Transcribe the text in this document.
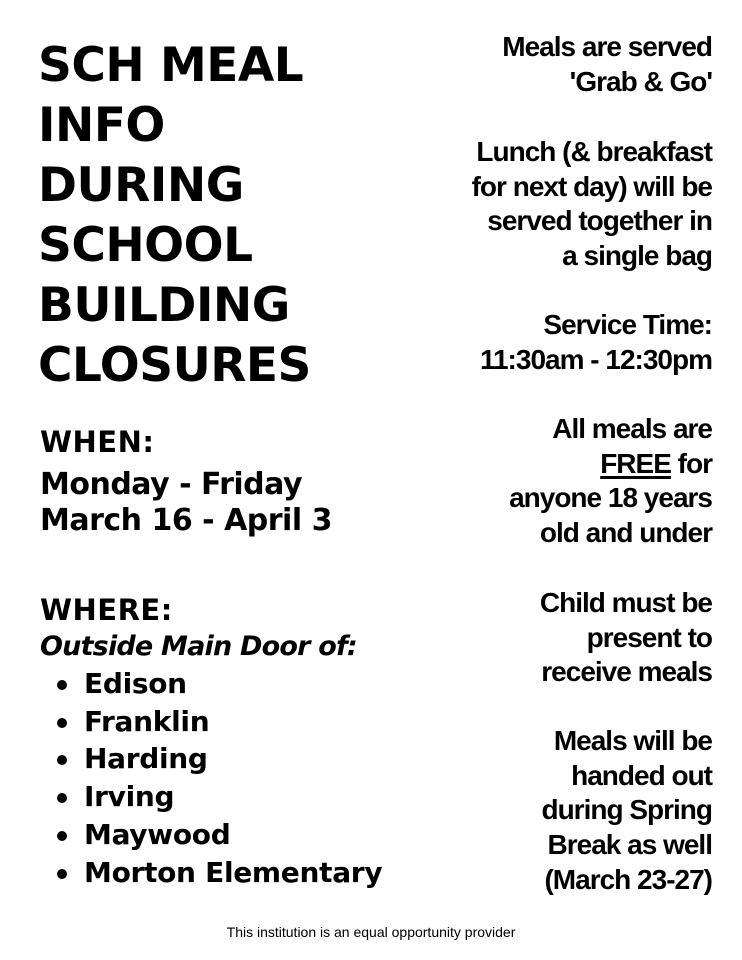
SCH MEAL
INFO
DURING
SCHOOL
BUILDING
CLOSURES
WHEN:
Monday - Friday
March 16 - April 3
WHERE:
Outside Main Door of:
Edison
Franklin
Harding
Irving
Maywood
Morton Elementary
Meals are served
'Grab & Go'
Lunch (& breakfast
for next day) will be
served together in
a single bag
Service Time:
11:30am - 12:30pm
All meals are
FREE for
anyone 18 years
old and under
Child must be
present to
receive meals
Meals will be
handed out
during Spring
Break as well
(March 23-27)
This institution is an equal opportunity provider
